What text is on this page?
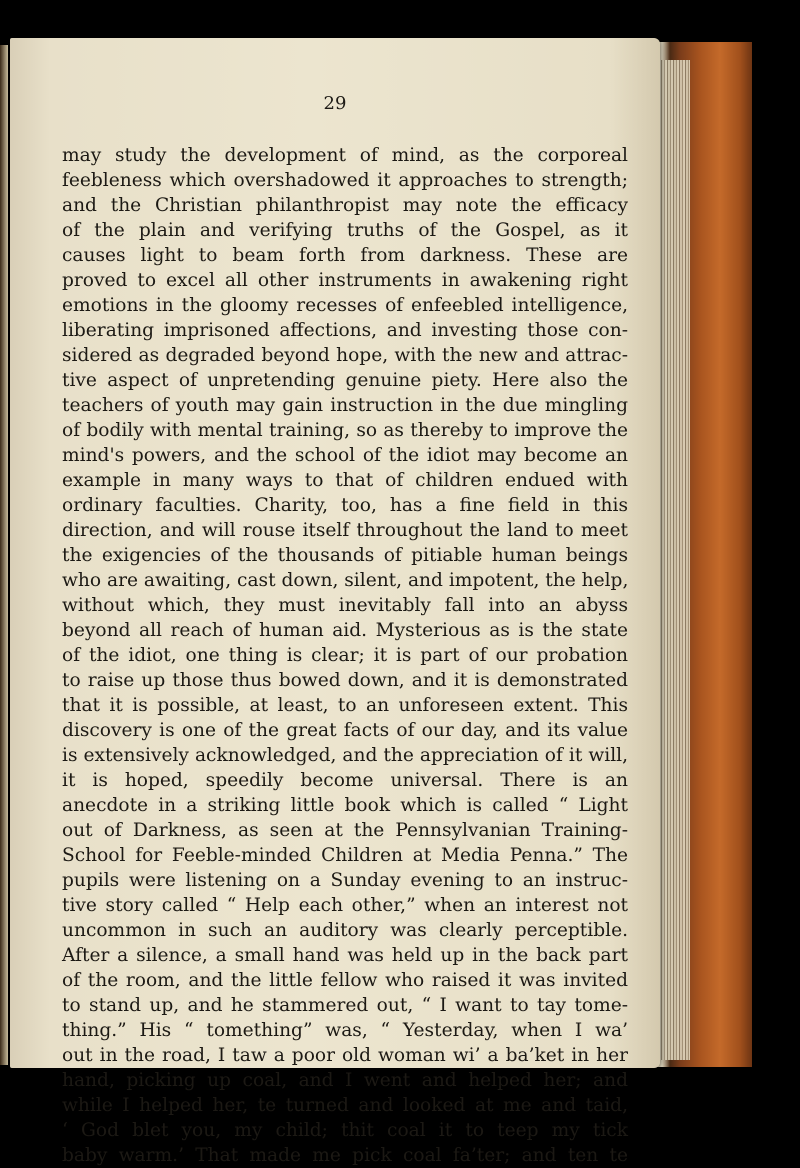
29
may study the development of mind, as the corporeal
feebleness which overshadowed it approaches to strength;
and the Christian philanthropist may note the efficacy
of the plain and verifying truths of the Gospel, as it
causes light to beam forth from darkness. These are
proved to excel all other instruments in awakening right
emotions in the gloomy recesses of enfeebled intelligence,
liberating imprisoned affections, and investing those con-
sidered as degraded beyond hope, with the new and attrac-
tive aspect of unpretending genuine piety. Here also the
teachers of youth may gain instruction in the due mingling
of bodily with mental training, so as thereby to improve the
mind's powers, and the school of the idiot may become an
example in many ways to that of children endued with
ordinary faculties. Charity, too, has a fine field in this
direction, and will rouse itself throughout the land to meet
the exigencies of the thousands of pitiable human beings
who are awaiting, cast down, silent, and impotent, the help,
without which, they must inevitably fall into an abyss
beyond all reach of human aid. Mysterious as is the state
of the idiot, one thing is clear; it is part of our probation
to raise up those thus bowed down, and it is demonstrated
that it is possible, at least, to an unforeseen extent. This
discovery is one of the great facts of our day, and its value
is extensively acknowledged, and the appreciation of it will,
it is hoped, speedily become universal. There is an
anecdote in a striking little book which is called “ Light
out of Darkness, as seen at the Pennsylvanian Training-
School for Feeble-minded Children at Media Penna.” The
pupils were listening on a Sunday evening to an instruc-
tive story called “ Help each other,” when an interest not
uncommon in such an auditory was clearly perceptible.
After a silence, a small hand was held up in the back part
of the room, and the little fellow who raised it was invited
to stand up, and he stammered out, “ I want to tay tome-
thing.” His “ tomething” was, “ Yesterday, when I wa’
out in the road, I taw a poor old woman wi’ a ba’ket in her
hand, picking up coal, and I went and helped her; and
while I helped her, te turned and looked at me and taid,
‘ God blet you, my child; thit coal it to teep my tick
baby warm.’ That made me pick coal fa’ter; and ten te
